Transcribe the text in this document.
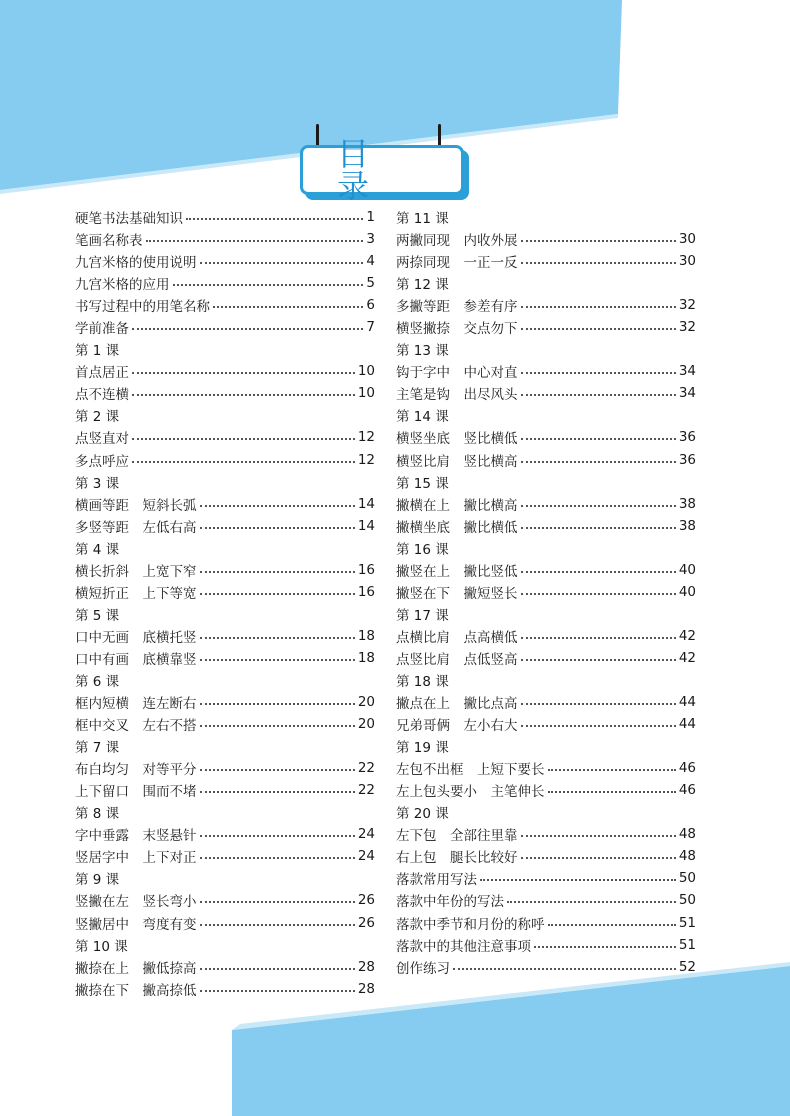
目 录
硬笔书法基础知识	1
笔画名称表	3
九宫米格的使用说明	4
九宫米格的应用	5
书写过程中的用笔名称	6
学前准备	7
第 1 课
首点居正	10
点不连横	10
第 2 课
点竖直对	12
多点呼应	12
第 3 课
横画等距　短斜长弧	14
多竖等距　左低右高	14
第 4 课
横长折斜　上宽下窄	16
横短折正　上下等宽	16
第 5 课
口中无画　底横托竖	18
口中有画　底横靠竖	18
第 6 课
框内短横　连左断右	20
框中交叉　左右不搭	20
第 7 课
布白均匀　对等平分	22
上下留口　围而不堵	22
第 8 课
字中垂露　末竖悬针	24
竖居字中　上下对正	24
第 9 课
竖撇在左　竖长弯小	26
竖撇居中　弯度有变	26
第 10 课
撇捺在上　撇低捺高	28
撇捺在下　撇高捺低	28
第 11 课
两撇同现　内收外展	30
两捺同现　一正一反	30
第 12 课
多撇等距　参差有序	32
横竖撇捺　交点勿下	32
第 13 课
钩于字中　中心对直	34
主笔是钩　出尽风头	34
第 14 课
横竖坐底　竖比横低	36
横竖比肩　竖比横高	36
第 15 课
撇横在上　撇比横高	38
撇横坐底　撇比横低	38
第 16 课
撇竖在上　撇比竖低	40
撇竖在下　撇短竖长	40
第 17 课
点横比肩　点高横低	42
点竖比肩　点低竖高	42
第 18 课
撇点在上　撇比点高	44
兄弟哥俩　左小右大	44
第 19 课
左包不出框　上短下要长	46
左上包头要小　主笔伸长	46
第 20 课
左下包　全部往里靠	48
右上包　腿长比较好	48
落款常用写法	50
落款中年份的写法	50
落款中季节和月份的称呼	51
落款中的其他注意事项	51
创作练习	52
